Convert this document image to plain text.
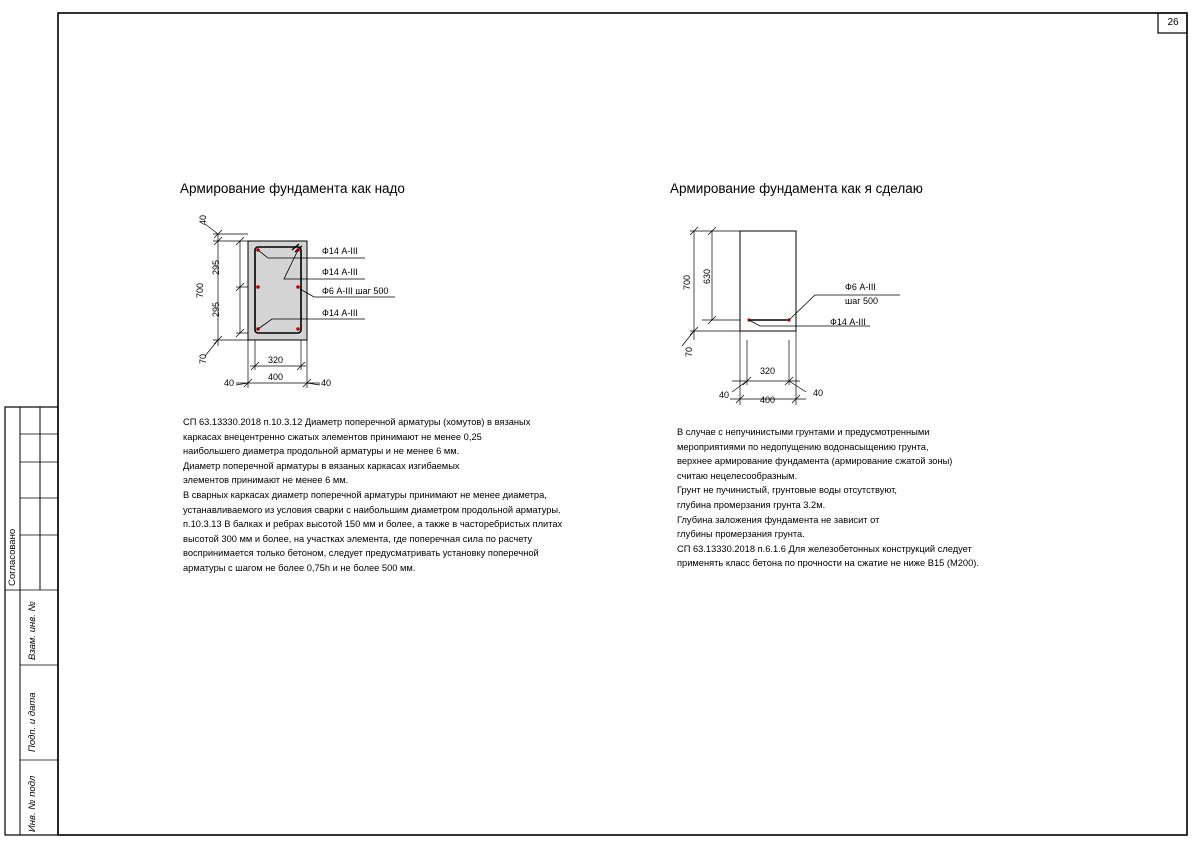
Согласовано
Взам. инв. №
Подп. и дата
Инв. № подл
40
295
700
295
70	320
400
40	40
Ф14 А-III
Ф14 А-III
Ф6 А-III шаг 500
Ф14 А-III
700 630
70
320
400
40	40
Ф6 А-III
шаг 500
Ф14 А-III
26
Армирование фундамента как надо	Армирование фундамента как я сделаю
СП 63.13330.2018 п.10.3.12 Диаметр поперечной арматуры (хомутов) в вязаных
каркасах внецентренно сжатых элементов принимают не менее 0,25
наибольшего диаметра продольной арматуры и не менее 6 мм.
Диаметр поперечной арматуры в вязаных каркасах изгибаемых
элементов принимают не менее 6 мм.
В сварных каркасах диаметр поперечной арматуры принимают не менее диаметра,
устанавливаемого из условия сварки с наибольшим диаметром продольной арматуры.
п.10.3.13 В балках и ребрах высотой 150 мм и более, а также в часторебристых плитах
высотой 300 мм и более, на участках элемента, где поперечная сила по расчету
воспринимается только бетоном, следует предусматривать установку поперечной
арматуры с шагом не более 0,75h и не более 500 мм.
В случае с непучинистыми грунтами и предусмотренными
мероприятиями по недопущению водонасыщению грунта,
верхнее армирование фундамента (армирование сжатой зоны)
считаю нецелесообразным.
Грунт не пучинистый, грунтовые воды отсутствуют,
глубина промерзания грунта 3.2м.
Глубина заложения фундамента не зависит от
глубины промерзания грунта.
СП 63.13330.2018 п.6.1.6 Для железобетонных конструкций следует
применять класс бетона по прочности на сжатие не ниже В15 (М200).
